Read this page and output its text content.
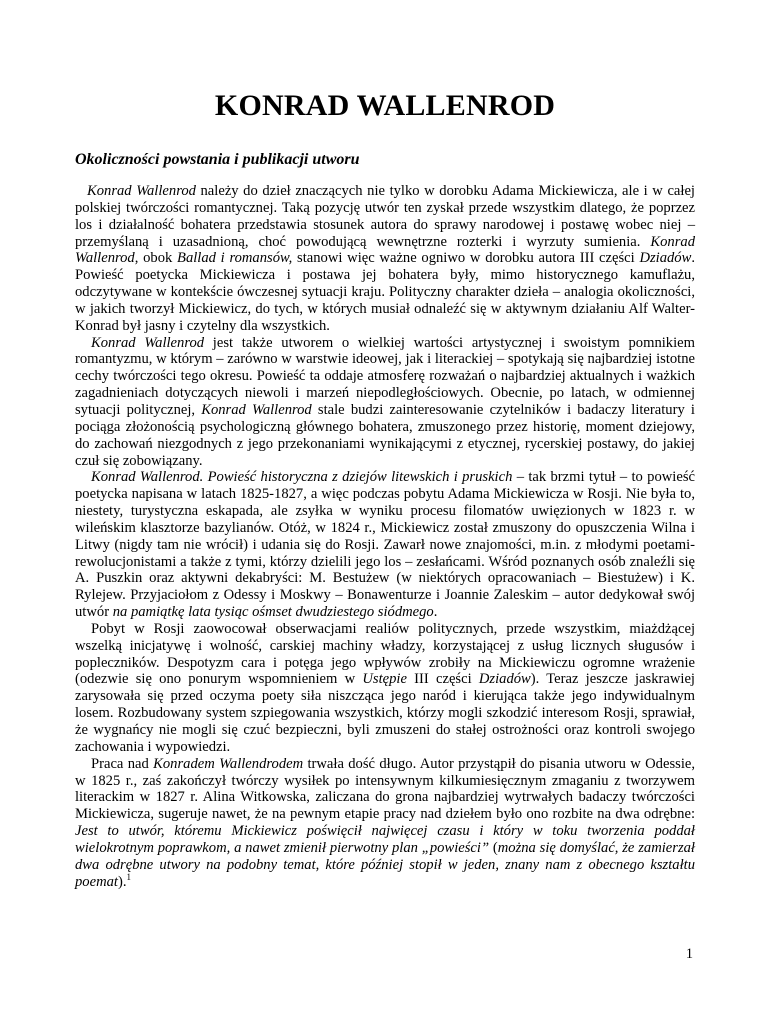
KONRAD WALLENROD
Okoliczności powstania i publikacji utworu

Konrad Wallenrod należy do dzieł znaczących nie tylko w dorobku Adama Mickiewicza, ale i w całej polskiej twórczości romantycznej. Taką pozycję utwór ten zyskał przede wszystkim dlatego, że poprzez los i działalność bohatera przedstawia stosunek autora do sprawy narodowej i postawę wobec niej – przemyślaną i uzasadnioną, choć powodującą wewnętrzne rozterki i wyrzuty sumienia. Konrad Wallenrod, obok Ballad i romansów, stanowi więc ważne ogniwo w dorobku autora III części Dziadów. Powieść poetycka Mickiewicza i postawa jej bohatera były, mimo historycznego kamuflażu, odczytywane w kontekście ówczesnej sytuacji kraju. Polityczny charakter dzieła – analogia okoliczności, w jakich tworzył Mickiewicz, do tych, w których musiał odnaleźć się w aktywnym działaniu Alf Walter-Konrad był jasny i czytelny dla wszystkich.

Konrad Wallenrod jest także utworem o wielkiej wartości artystycznej i swoistym pomnikiem romantyzmu, w którym – zarówno w warstwie ideowej, jak i literackiej – spotykają się najbardziej istotne cechy twórczości tego okresu. Powieść ta oddaje atmosferę rozważań o najbardziej aktualnych i ważkich zagadnieniach dotyczących niewoli i marzeń niepodległościowych. Obecnie, po latach, w odmiennej sytuacji politycznej, Konrad Wallenrod stale budzi zainteresowanie czytelników i badaczy literatury i pociąga złożonością psychologiczną głównego bohatera, zmuszonego przez historię, moment dziejowy, do zachowań niezgodnych z jego przekonaniami wynikającymi z etycznej, rycerskiej postawy, do jakiej czuł się zobowiązany.

Konrad Wallenrod. Powieść historyczna z dziejów litewskich i pruskich – tak brzmi tytuł – to powieść poetycka napisana w latach 1825-1827, a więc podczas pobytu Adama Mickiewicza w Rosji. Nie była to, niestety, turystyczna eskapada, ale zsyłka w wyniku procesu filomatów uwięzionych w 1823 r. w wileńskim klasztorze bazylianów. Otóż, w 1824 r., Mickiewicz został zmuszony do opuszczenia Wilna i Litwy (nigdy tam nie wrócił) i udania się do Rosji. Zawarł nowe znajomości, m.in. z młodymi poetami-rewolucjonistami a także z tymi, którzy dzielili jego los – zesłańcami. Wśród poznanych osób znaleźli się A. Puszkin oraz aktywni dekabryści: M. Bestużew (w niektórych opracowaniach – Biestużew) i K. Rylejew. Przyjaciołom z Odessy i Moskwy – Bonawenturze i Joannie Zaleskim – autor dedykował swój utwór na pamiątkę lata tysiąc ośmset dwudziestego siódmego.

Pobyt w Rosji zaowocował obserwacjami realiów politycznych, przede wszystkim, miażdżącej wszelką inicjatywę i wolność, carskiej machiny władzy, korzystającej z usług licznych sługusów i popleczników. Despotyzm cara i potęga jego wpływów zrobiły na Mickiewiczu ogromne wrażenie (odezwie się ono ponurym wspomnieniem w Ustępie III części Dziadów). Teraz jeszcze jaskrawiej zarysowała się przed oczyma poety siła niszcząca jego naród i kierująca także jego indywidualnym losem. Rozbudowany system szpiegowania wszystkich, którzy mogli szkodzić interesom Rosji, sprawiał, że wygnańcy nie mogli się czuć bezpieczni, byli zmuszeni do stałej ostrożności oraz kontroli swojego zachowania i wypowiedzi.

Praca nad Konradem Wallendrodem trwała dość długo. Autor przystąpił do pisania utworu w Odessie, w 1825 r., zaś zakończył twórczy wysiłek po intensywnym kilkumiesięcznym zmaganiu z tworzywem literackim w 1827 r. Alina Witkowska, zaliczana do grona najbardziej wytrwałych badaczy twórczości Mickiewicza, sugeruje nawet, że na pewnym etapie pracy nad dziełem było ono rozbite na dwa odrębne: Jest to utwór, któremu Mickiewicz poświęcił najwięcej czasu i który w toku tworzenia poddał wielokrotnym poprawkom, a nawet zmienił pierwotny plan „powieści” (można się domyślać, że zamierzał dwa odrębne utwory na podobny temat, które później stopił w jeden, znany nam z obecnego kształtu poemat).$^1$

1
